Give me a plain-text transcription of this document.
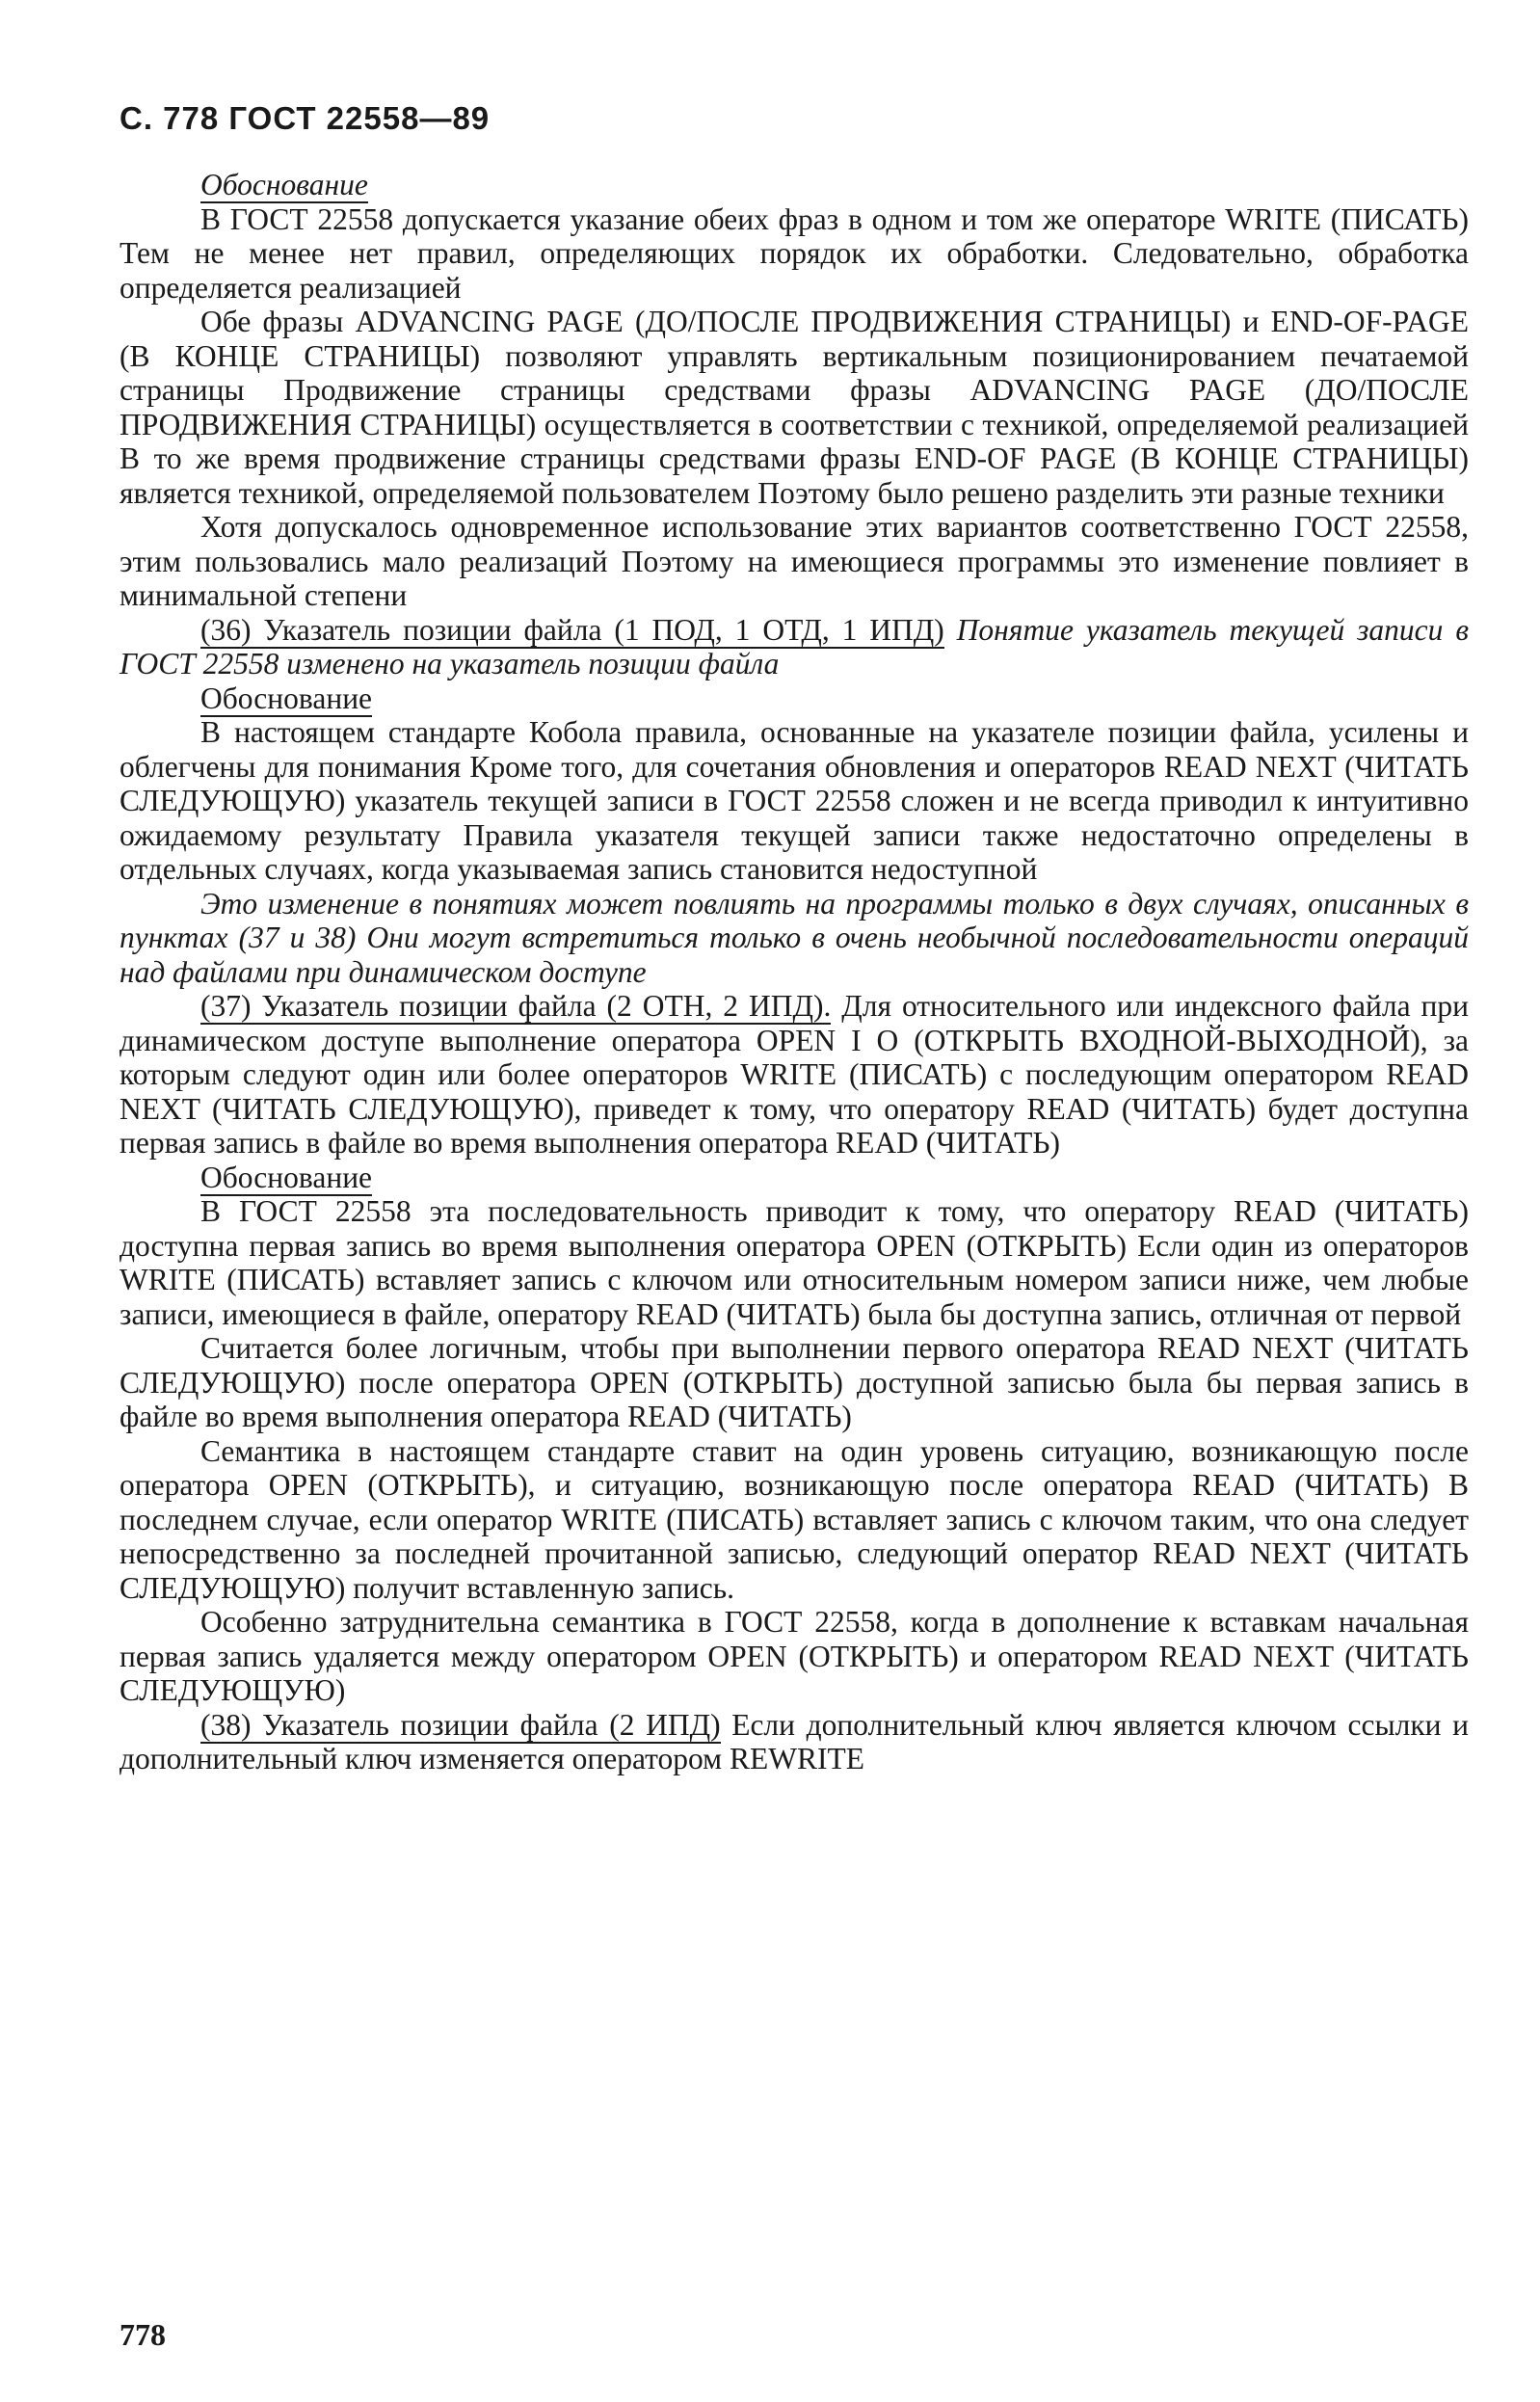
С. 778 ГОСТ 22558—89
Обоснование

В ГОСТ 22558 допускается указание обеих фраз в одном и том же операторе WRITE (ПИСАТЬ) Тем не менее нет правил, определяющих порядок их обработки. Следовательно, обработка определяется реализацией

Обе фразы ADVANCING PAGE (ДО/ПОСЛЕ ПРОДВИЖЕНИЯ СТРАНИЦЫ) и END-OF-PAGE (В КОНЦЕ СТРАНИЦЫ) позволяют управлять вертикальным позиционированием печатаемой страницы Продвижение страницы средствами фразы ADVANCING PAGE (ДО/ПОСЛЕ ПРОДВИЖЕНИЯ СТРАНИЦЫ) осуществляется в соответствии с техникой, определяемой реализацией В то же время продвижение страницы средствами фразы END-OF PAGE (В КОНЦЕ СТРАНИЦЫ) является техникой, определяемой пользователем Поэтому было решено разделить эти разные техники

Хотя допускалось одновременное использование этих вариантов соответственно ГОСТ 22558, этим пользовались мало реализаций Поэтому на имеющиеся программы это изменение повлияет в минимальной степени

(36) Указатель позиции файла (1 ПОД, 1 ОТД, 1 ИПД) Понятие указатель текущей записи в ГОСТ 22558 изменено на указатель позиции файла

Обоснование

В настоящем стандарте Кобола правила, основанные на указателе позиции файла, усилены и облегчены для понимания Кроме того, для сочетания обновления и операторов READ NEXT (ЧИТАТЬ СЛЕДУЮЩУЮ) указатель текущей записи в ГОСТ 22558 сложен и не всегда приводил к интуитивно ожидаемому результату Правила указателя текущей записи также недостаточно определены в отдельных случаях, когда указываемая запись становится недоступной

Это изменение в понятиях может повлиять на программы только в двух случаях, описанных в пунктах (37 и 38) Они могут встретиться только в очень необычной последовательности операций над файлами при динамическом доступе

(37) Указатель позиции файла (2 ОТН, 2 ИПД). Для относительного или индексного файла при динамическом доступе выполнение оператора OPEN I O (ОТКРЫТЬ ВХОДНОЙ-ВЫХОДНОЙ), за которым следуют один или более операторов WRITE (ПИСАТЬ) с последующим оператором READ NEXT (ЧИТАТЬ СЛЕДУЮЩУЮ), приведет к тому, что оператору READ (ЧИТАТЬ) будет доступна первая запись в файле во время выполнения оператора READ (ЧИТАТЬ)

Обоснование

В ГОСТ 22558 эта последовательность приводит к тому, что оператору READ (ЧИТАТЬ) доступна первая запись во время выполнения оператора OPEN (ОТКРЫТЬ) Если один из операторов WRITE (ПИСАТЬ) вставляет запись с ключом или относительным номером записи ниже, чем любые записи, имеющиеся в файле, оператору READ (ЧИТАТЬ) была бы доступна запись, отличная от первой

Считается более логичным, чтобы при выполнении первого оператора READ NEXT (ЧИТАТЬ СЛЕДУЮЩУЮ) после оператора OPEN (ОТКРЫТЬ) доступной записью была бы первая запись в файле во время выполнения оператора READ (ЧИТАТЬ)

Семантика в настоящем стандарте ставит на один уровень ситуацию, возникающую после оператора OPEN (ОТКРЫТЬ), и ситуацию, возникающую после оператора READ (ЧИТАТЬ) В последнем случае, если оператор WRITE (ПИСАТЬ) вставляет запись с ключом таким, что она следует непосредственно за последней прочитанной записью, следующий оператор READ NEXT (ЧИТАТЬ СЛЕДУЮЩУЮ) получит вставленную запись.

Особенно затруднительна семантика в ГОСТ 22558, когда в дополнение к вставкам начальная первая запись удаляется между оператором OPEN (ОТКРЫТЬ) и оператором READ NEXT (ЧИТАТЬ СЛЕДУЮЩУЮ)

(38) Указатель позиции файла (2 ИПД) Если дополнительный ключ является ключом ссылки и дополнительный ключ изменяется оператором REWRITE

778
